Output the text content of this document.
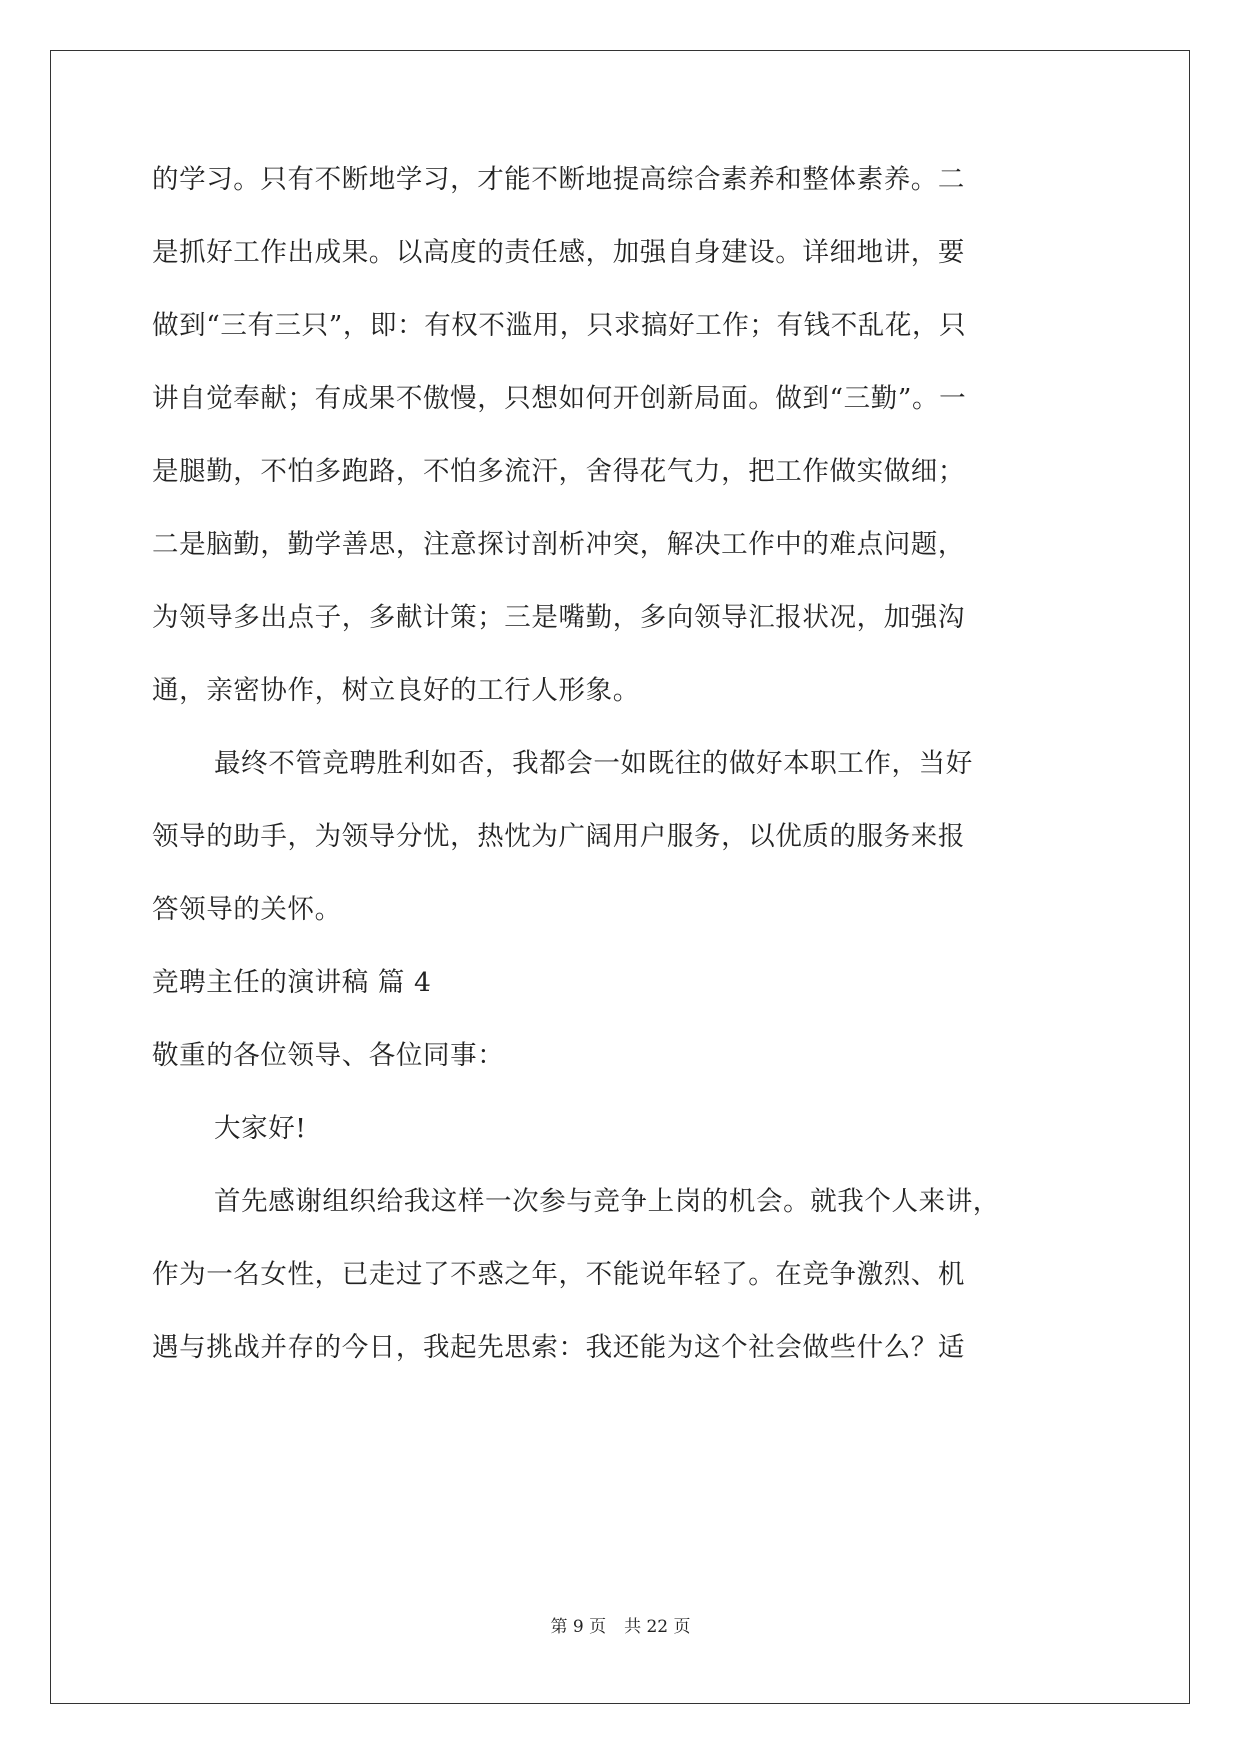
的学习。只有不断地学习，才能不断地提高综合素养和整体素养。二
是抓好工作出成果。以高度的责任感，加强自身建设。详细地讲，要
做到“三有三只”，即：有权不滥用，只求搞好工作；有钱不乱花，只
讲自觉奉献；有成果不傲慢，只想如何开创新局面。做到“三勤”。一
是腿勤，不怕多跑路，不怕多流汗，舍得花气力，把工作做实做细；
二是脑勤，勤学善思，注意探讨剖析冲突，解决工作中的难点问题，
为领导多出点子，多献计策；三是嘴勤，多向领导汇报状况，加强沟
通，亲密协作，树立良好的工行人形象。
最终不管竞聘胜利如否，我都会一如既往的做好本职工作，当好
领导的助手，为领导分忧，热忱为广阔用户服务，以优质的服务来报
答领导的关怀。
竞聘主任的演讲稿 篇 4
敬重的各位领导、各位同事：
大家好!
首先感谢组织给我这样一次参与竞争上岗的机会。就我个人来讲，
作为一名女性，已走过了不惑之年，不能说年轻了。在竞争激烈、机
遇与挑战并存的今日，我起先思索：我还能为这个社会做些什么？适
第 9 页 共 22 页
